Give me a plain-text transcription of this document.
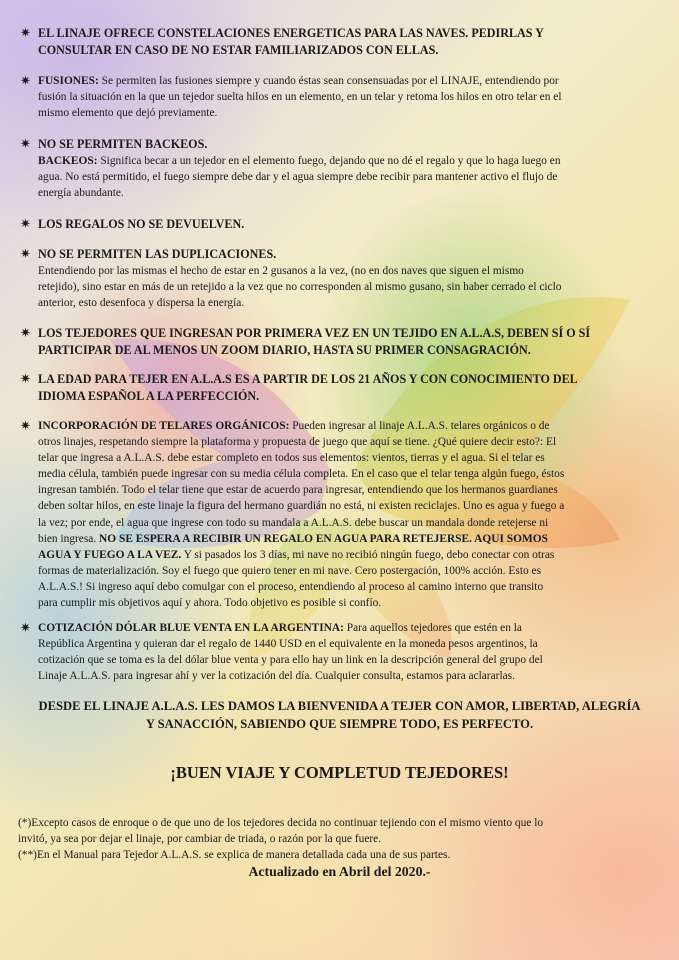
✷ EL LINAJE OFRECE CONSTELACIONES ENERGETICAS PARA LAS NAVES. PEDIRLAS Y
CONSULTAR EN CASO DE NO ESTAR FAMILIARIZADOS CON ELLAS.
✷ FUSIONES: Se permiten las fusiones siempre y cuando éstas sean consensuadas por el LINAJE, entendiendo por
fusión la situación en la que un tejedor suelta hilos en un elemento, en un telar y retoma los hilos en otro telar en el
mismo elemento que dejó previamente.
✷ NO SE PERMITEN BACKEOS.
BACKEOS: Significa becar a un tejedor en el elemento fuego, dejando que no dé el regalo y que lo haga luego en
agua. No está permitido, el fuego siempre debe dar y el agua siempre debe recibir para mantener activo el flujo de
energía abundante.
✷ LOS REGALOS NO SE DEVUELVEN.
✷ NO SE PERMITEN LAS DUPLICACIONES.
Entendiendo por las mismas el hecho de estar en 2 gusanos a la vez, (no en dos naves que siguen el mismo
retejido), sino estar en más de un retejido a la vez que no corresponden al mismo gusano, sin haber cerrado el ciclo
anterior, esto desenfoca y dispersa la energía.
✷ LOS TEJEDORES QUE INGRESAN POR PRIMERA VEZ EN UN TEJIDO EN A.L.A.S, DEBEN SÍ O SÍ
PARTICIPAR DE AL MENOS UN ZOOM DIARIO, HASTA SU PRIMER CONSAGRACIÓN.
✷ LA EDAD PARA TEJER EN A.L.A.S ES A PARTIR DE LOS 21 AÑOS Y CON CONOCIMIENTO DEL
IDIOMA ESPAÑOL A LA PERFECCIÓN.
✷ INCORPORACIÓN DE TELARES ORGÁNICOS: Pueden ingresar al linaje A.L.A.S. telares orgánicos o de
otros linajes, respetando siempre la plataforma y propuesta de juego que aquí se tiene. ¿Qué quiere decir esto?: El
telar que ingresa a A.L.A.S. debe estar completo en todos sus elementos: vientos, tierras y el agua. Si el telar es
media célula, también puede ingresar con su media célula completa. En el caso que el telar tenga algún fuego, éstos
ingresan también. Todo el telar tiene que estar de acuerdo para ingresar, entendiendo que los hermanos guardianes
deben soltar hilos, en este linaje la figura del hermano guardián no está, ni existen reciclajes. Uno es agua y fuego a
la vez; por ende, el agua que ingrese con todo su mandala a A.L.A.S. debe buscar un mandala donde retejerse ni
bien ingresa. NO SE ESPERA A RECIBIR UN REGALO EN AGUA PARA RETEJERSE. AQUI SOMOS
AGUA Y FUEGO A LA VEZ. Y si pasados los 3 días, mi nave no recibió ningún fuego, debo conectar con otras
formas de materialización. Soy el fuego que quiero tener en mi nave. Cero postergación, 100% acción. Esto es
A.L.A.S.! Si ingreso aquí debo comulgar con el proceso, entendiendo al proceso al camino interno que transito
para cumplir mis objetivos aquí y ahora. Todo objetivo es posible si confío.
✷ COTIZACIÓN DÓLAR BLUE VENTA EN LA ARGENTINA: Para aquellos tejedores que estén en la
República Argentina y quieran dar el regalo de 1440 USD en el equivalente en la moneda pesos argentinos, la
cotización que se toma es la del dólar blue venta y para ello hay un link en la descripción general del grupo del
Linaje A.L.A.S. para ingresar ahí y ver la cotización del día. Cualquier consulta, estamos para aclararlas.
DESDE EL LINAJE A.L.A.S. LES DAMOS LA BIENVENIDA A TEJER CON AMOR, LIBERTAD, ALEGRÍA
Y SANACCIÓN, SABIENDO QUE SIEMPRE TODO, ES PERFECTO.
¡BUEN VIAJE Y COMPLETUD TEJEDORES!
(*)Excepto casos de enroque o de que uno de los tejedores decida no continuar tejiendo con el mismo viento que lo
invitó, ya sea por dejar el linaje, por cambiar de triada, o razón por la que fuere.
(**)En el Manual para Tejedor A.L.A.S. se explica de manera detallada cada una de sus partes.
Actualizado en Abril del 2020.-
